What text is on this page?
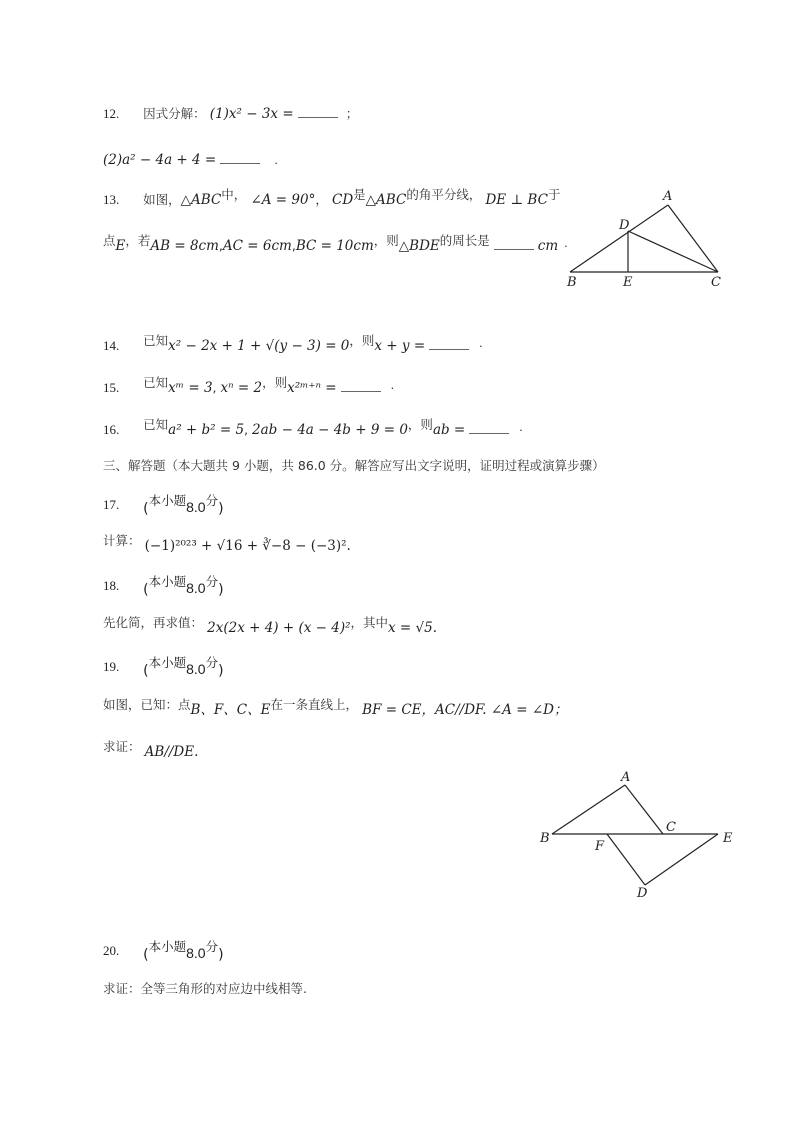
12. 因式分解： (1)x² − 3x =	；
(2)a² − 4a + 4 =	.
13. 如图，△ABC中， ∠A = 90°， CD是△ABC的角平分线， DE ⊥ BC于
点E，若AB = 8cm,AC = 6cm,BC = 10cm，则△BDE的周长是	cm ·
A
D
B	E	C
14. 已知x² − 2x + 1 + √(y − 3) = 0，则x + y =	·
15. 已知xᵐ = 3, xⁿ = 2，则x²ᵐ⁺ⁿ =	·
16. 已知a² + b² = 5, 2ab − 4a − 4b + 9 = 0，则ab =	·
三、解答题（本大题共 9 小题，共 86.0 分。解答应写出文字说明，证明过程或演算步骤）
17. (本小题8.0分)
计算： (−1)²⁰²³ + √16 + ∛−8 − (−3)².
18. (本小题8.0分)
先化简，再求值： 2x(2x + 4) + (x − 4)²，其中x = √5.
19. (本小题8.0分)
如图，已知：点B、F、C、E在一条直线上， BF = CE，AC//DF. ∠A = ∠D；
求证： AB//DE.
A
B
C
E
F
D
20. (本小题8.0分)
求证：全等三角形的对应边中线相等.
